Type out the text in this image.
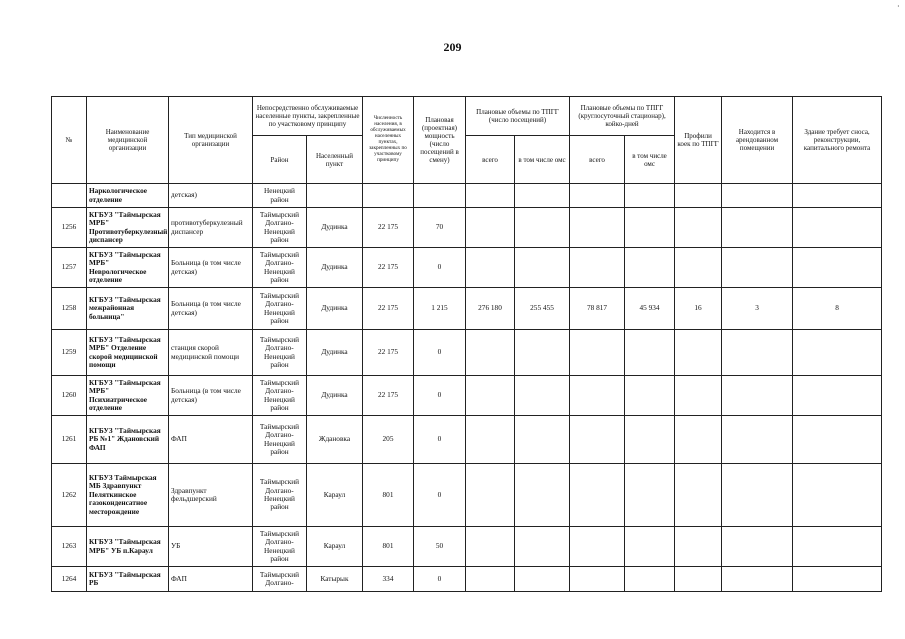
·
209
№	Наименование медицинской организации	Тип медицинской организации	Непосредственно обслуживаемые населенные пункты, закрепленные по участковому принципу		Численность населения, в обслуживаемых населенных пунктах, закрепленных по участковому принципу	Плановая (проектная) мощность (число посещений в смену)	Плановые объемы по ТПГГ (число посещений)		Плановые объемы по ТПГГ (круглосуточный стационар), койко-дней		Профили коек по ТПГГ	Находится в арендованном помещении	Здание требует сноса, реконструкции, капитального ремонта
			Район	Населенный пункт			всего	в том числе омс	всего	в том числе омс			
	Наркологическое отделение	детская)	Ненецкий район										
1256	КГБУЗ "Таймырская МРБ" Противотуберкулезный диспансер	противотуберкулезный диспансер	Таймырский Долгано-Ненецкий район	Дудинка	22 175	70							
1257	КГБУЗ "Таймырская МРБ" Неврологическое отделение	Больница (в том числе детская)	Таймырский Долгано-Ненецкий район	Дудинка	22 175	0							
1258	КГБУЗ "Таймырская межрайонная больница"	Больница (в том числе детская)	Таймырский Долгано-Ненецкий район	Дудинка	22 175	1 215	276 180	255 455	78 817	45 934	16	3	8
1259	КГБУЗ "Таймырская МРБ" Отделение скорой медицинской помощи	станция скорой медицинской помощи	Таймырский Долгано-Ненецкий район	Дудинка	22 175	0							
1260	КГБУЗ "Таймырская МРБ" Психиатрическое отделение	Больница (в том числе детская)	Таймырский Долгано-Ненецкий район	Дудинка	22 175	0							
1261	КГБУЗ "Таймырская РБ №1" Ждановский ФАП	ФАП	Таймырский Долгано-Ненецкий район	Ждановка	205	0							
1262	КГБУЗ Таймырская МБ Здравпункт Пеляткинское газоконденсатное месторождение	Здравпункт фельдшерский	Таймырский Долгано-Ненецкий район	Караул	801	0							
1263	КГБУЗ "Таймырская МРБ" УБ п.Караул	УБ	Таймырский Долгано-Ненецкий район	Караул	801	50							
1264	КГБУЗ "Таймырская РБ	ФАП	Таймырский Долгано-	Катырык	334	0							
